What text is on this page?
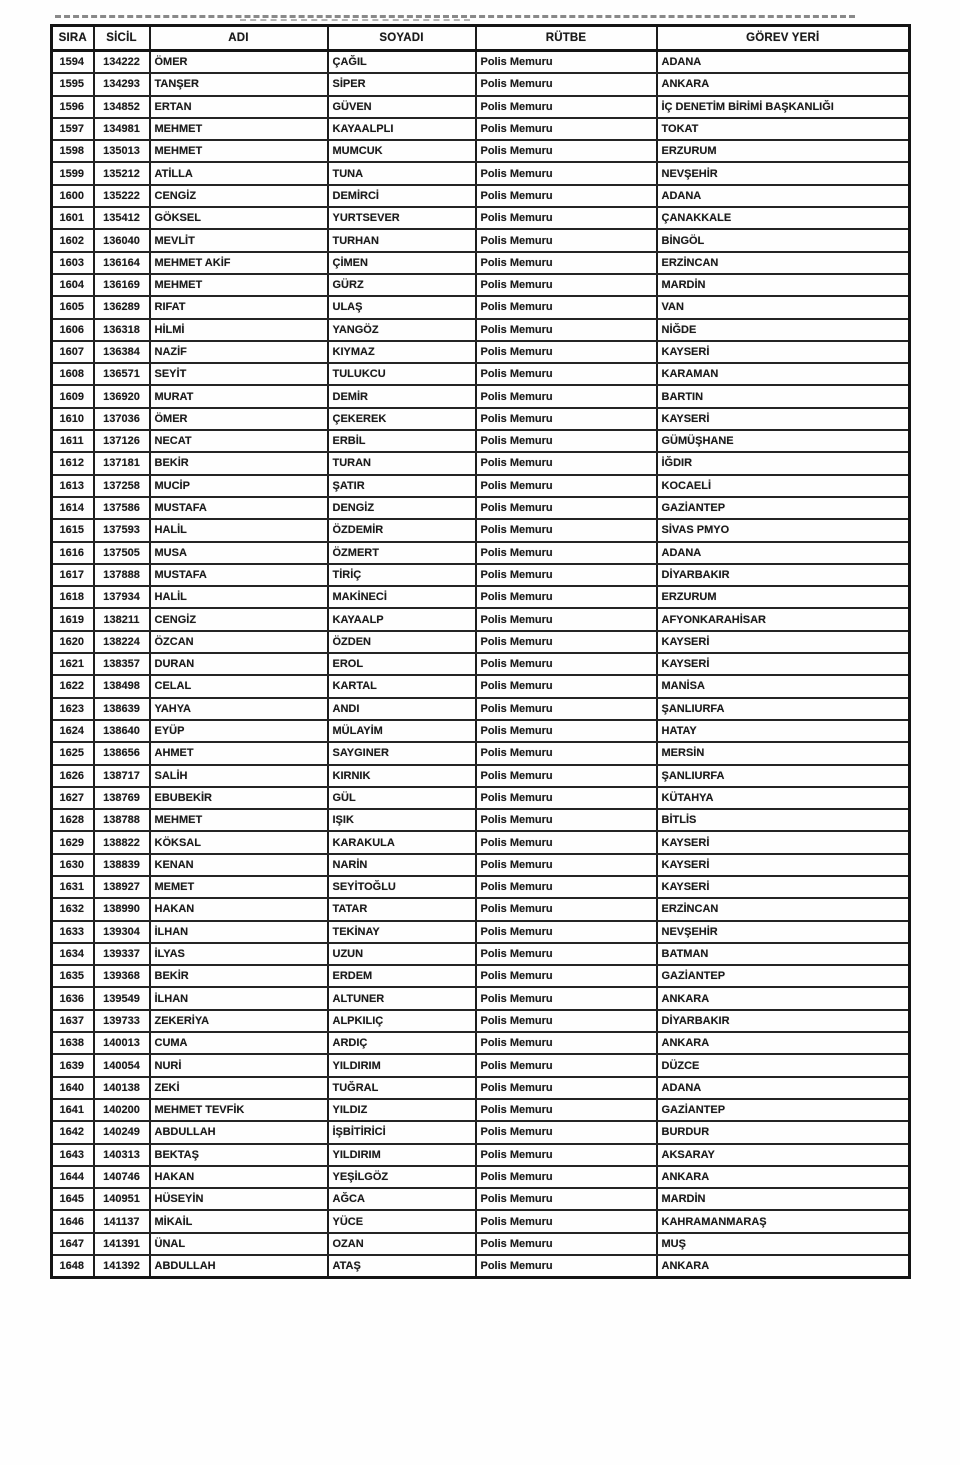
SIRA	SİCİL	ADI	SOYADI	RÜTBE	GÖREV YERİ
1594	134222	ÖMER	ÇAĞIL	Polis Memuru	ADANA
1595	134293	TANŞER	SİPER	Polis Memuru	ANKARA
1596	134852	ERTAN	GÜVEN	Polis Memuru	İÇ DENETİM BİRİMİ BAŞKANLIĞI
1597	134981	MEHMET	KAYAALPLI	Polis Memuru	TOKAT
1598	135013	MEHMET	MUMCUK	Polis Memuru	ERZURUM
1599	135212	ATİLLA	TUNA	Polis Memuru	NEVŞEHİR
1600	135222	CENGİZ	DEMİRCİ	Polis Memuru	ADANA
1601	135412	GÖKSEL	YURTSEVER	Polis Memuru	ÇANAKKALE
1602	136040	MEVLİT	TURHAN	Polis Memuru	BİNGÖL
1603	136164	MEHMET AKİF	ÇİMEN	Polis Memuru	ERZİNCAN
1604	136169	MEHMET	GÜRZ	Polis Memuru	MARDİN
1605	136289	RIFAT	ULAŞ	Polis Memuru	VAN
1606	136318	HİLMİ	YANGÖZ	Polis Memuru	NİĞDE
1607	136384	NAZİF	KIYMAZ	Polis Memuru	KAYSERİ
1608	136571	SEYİT	TULUKCU	Polis Memuru	KARAMAN
1609	136920	MURAT	DEMİR	Polis Memuru	BARTIN
1610	137036	ÖMER	ÇEKEREK	Polis Memuru	KAYSERİ
1611	137126	NECAT	ERBİL	Polis Memuru	GÜMÜŞHANE
1612	137181	BEKİR	TURAN	Polis Memuru	İĞDIR
1613	137258	MUCİP	ŞATIR	Polis Memuru	KOCAELİ
1614	137586	MUSTAFA	DENGİZ	Polis Memuru	GAZİANTEP
1615	137593	HALİL	ÖZDEMİR	Polis Memuru	SİVAS PMYO
1616	137505	MUSA	ÖZMERT	Polis Memuru	ADANA
1617	137888	MUSTAFA	TİRİÇ	Polis Memuru	DİYARBAKIR
1618	137934	HALİL	MAKİNECİ	Polis Memuru	ERZURUM
1619	138211	CENGİZ	KAYAALP	Polis Memuru	AFYONKARAHİSAR
1620	138224	ÖZCAN	ÖZDEN	Polis Memuru	KAYSERİ
1621	138357	DURAN	EROL	Polis Memuru	KAYSERİ
1622	138498	CELAL	KARTAL	Polis Memuru	MANİSA
1623	138639	YAHYA	ANDI	Polis Memuru	ŞANLIURFA
1624	138640	EYÜP	MÜLAYİM	Polis Memuru	HATAY
1625	138656	AHMET	SAYGINER	Polis Memuru	MERSİN
1626	138717	SALİH	KIRNIK	Polis Memuru	ŞANLIURFA
1627	138769	EBUBEKİR	GÜL	Polis Memuru	KÜTAHYA
1628	138788	MEHMET	IŞIK	Polis Memuru	BİTLİS
1629	138822	KÖKSAL	KARAKULA	Polis Memuru	KAYSERİ
1630	138839	KENAN	NARİN	Polis Memuru	KAYSERİ
1631	138927	MEMET	SEYİTOĞLU	Polis Memuru	KAYSERİ
1632	138990	HAKAN	TATAR	Polis Memuru	ERZİNCAN
1633	139304	İLHAN	TEKİNAY	Polis Memuru	NEVŞEHİR
1634	139337	İLYAS	UZUN	Polis Memuru	BATMAN
1635	139368	BEKİR	ERDEM	Polis Memuru	GAZİANTEP
1636	139549	İLHAN	ALTUNER	Polis Memuru	ANKARA
1637	139733	ZEKERİYA	ALPKILIÇ	Polis Memuru	DİYARBAKIR
1638	140013	CUMA	ARDIÇ	Polis Memuru	ANKARA
1639	140054	NURİ	YILDIRIM	Polis Memuru	DÜZCE
1640	140138	ZEKİ	TUĞRAL	Polis Memuru	ADANA
1641	140200	MEHMET TEVFİK	YILDIZ	Polis Memuru	GAZİANTEP
1642	140249	ABDULLAH	İŞBİTİRİCİ	Polis Memuru	BURDUR
1643	140313	BEKTAŞ	YILDIRIM	Polis Memuru	AKSARAY
1644	140746	HAKAN	YEŞİLGÖZ	Polis Memuru	ANKARA
1645	140951	HÜSEYİN	AĞCA	Polis Memuru	MARDİN
1646	141137	MİKAİL	YÜCE	Polis Memuru	KAHRAMANMARAŞ
1647	141391	ÜNAL	OZAN	Polis Memuru	MUŞ
1648	141392	ABDULLAH	ATAŞ	Polis Memuru	ANKARA
